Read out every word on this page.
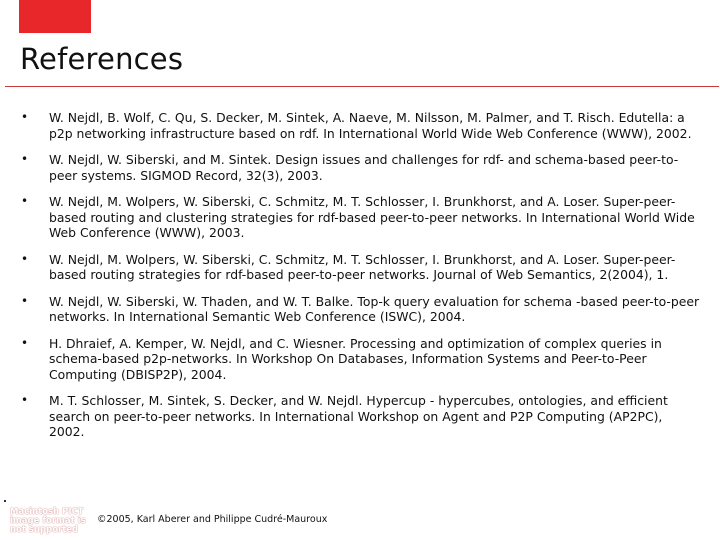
References
• W. Nejdl, B. Wolf, C. Qu, S. Decker, M. Sintek, A. Naeve, M. Nilsson, M. Palmer, and T. Risch. Edutella: a p2p networking infrastructure based on rdf. In International World Wide Web Conference (WWW), 2002.
• W. Nejdl, W. Siberski, and M. Sintek. Design issues and challenges for rdf- and schema-based peer-to-peer systems. SIGMOD Record, 32(3), 2003.
• W. Nejdl, M. Wolpers, W. Siberski, C. Schmitz, M. T. Schlosser, I. Brunkhorst, and A. Loser. Super-peer-based routing and clustering strategies for rdf-based peer-to-peer networks. In International World Wide Web Conference (WWW), 2003.
• W. Nejdl, M. Wolpers, W. Siberski, C. Schmitz, M. T. Schlosser, I. Brunkhorst, and A. Loser. Super-peer-based routing strategies for rdf-based peer-to-peer networks. Journal of Web Semantics, 2(2004), 1.
• W. Nejdl, W. Siberski, W. Thaden, and W. T. Balke. Top-k query evaluation for schema -based peer-to-peer networks. In International Semantic Web Conference (ISWC), 2004.
• H. Dhraief, A. Kemper, W. Nejdl, and C. Wiesner. Processing and optimization of complex queries in schema-based p2p-networks. In Workshop On Databases, Information Systems and Peer-to-Peer Computing (DBISP2P), 2004.
• M. T. Schlosser, M. Sintek, S. Decker, and W. Nejdl. Hypercup - hypercubes, ontologies, and efficient search on peer-to-peer networks. In International Workshop on Agent and P2P Computing (AP2PC), 2002.
Macintosh PICT image format is not supported
©2005, Karl Aberer and Philippe Cudré-Mauroux
